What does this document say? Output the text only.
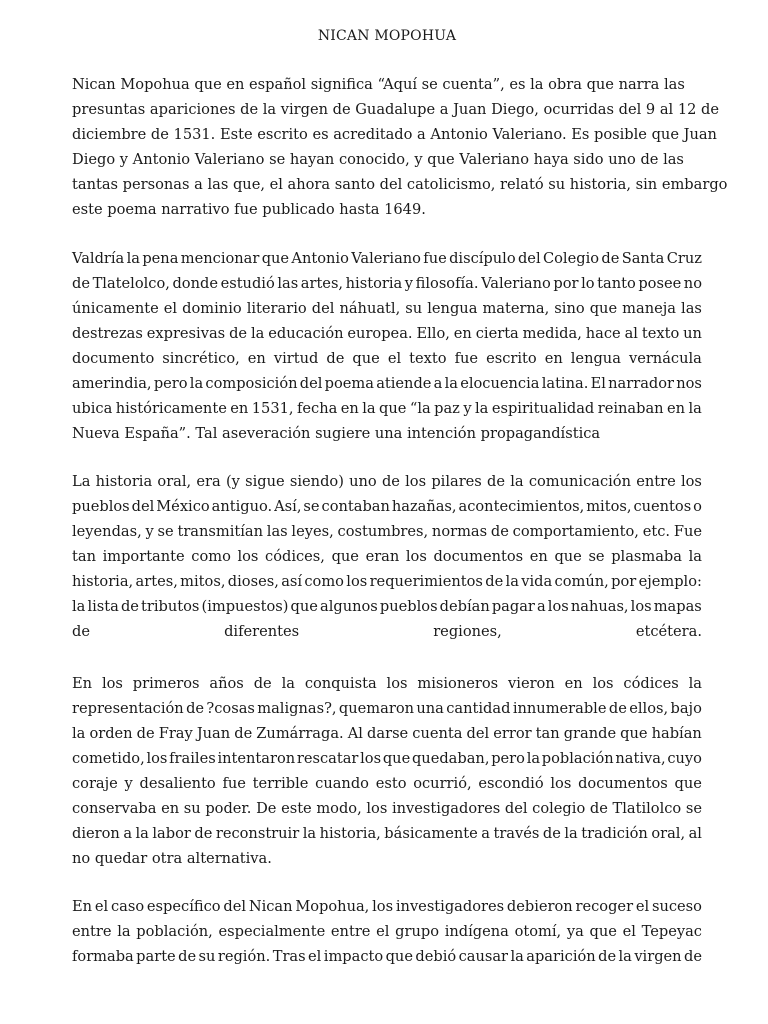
NICAN MOPOHUA
Nican Mopohua que en español significa “Aquí se cuenta”, es la obra que narra las
presuntas apariciones de la virgen de Guadalupe a Juan Diego, ocurridas del 9 al 12 de
diciembre de 1531. Este escrito es acreditado a Antonio Valeriano. Es posible que Juan
Diego y Antonio Valeriano se hayan conocido, y que Valeriano haya sido uno de las
tantas personas a las que, el ahora santo del catolicismo, relató su historia, sin embargo
este poema narrativo fue publicado hasta 1649.
Valdría la pena mencionar que Antonio Valeriano fue discípulo del Colegio de Santa Cruz
de Tlatelolco, donde estudió las artes, historia y filosofía. Valeriano por lo tanto posee no
únicamente el dominio literario del náhuatl, su lengua materna, sino que maneja las
destrezas expresivas de la educación europea. Ello, en cierta medida, hace al texto un
documento sincrético, en virtud de que el texto fue escrito en lengua vernácula
amerindia, pero la composición del poema atiende a la elocuencia latina. El narrador nos
ubica históricamente en 1531, fecha en la que “la paz y la espiritualidad reinaban en la
Nueva España”. Tal aseveración sugiere una intención propagandística
La historia oral, era (y sigue siendo) uno de los pilares de la comunicación entre los
pueblos del México antiguo. Así, se contaban hazañas, acontecimientos, mitos, cuentos o
leyendas, y se transmitían las leyes, costumbres, normas de comportamiento, etc. Fue
tan importante como los códices, que eran los documentos en que se plasmaba la
historia, artes, mitos, dioses, así como los requerimientos de la vida común, por ejemplo:
la lista de tributos (impuestos) que algunos pueblos debían pagar a los nahuas, los mapas
de	diferentes	regiones,	etcétera.
En los primeros años de la conquista los misioneros vieron en los códices la
representación de ?cosas malignas?, quemaron una cantidad innumerable de ellos, bajo
la orden de Fray Juan de Zumárraga. Al darse cuenta del error tan grande que habían
cometido, los frailes intentaron rescatar los que quedaban, pero la población nativa, cuyo
coraje y desaliento fue terrible cuando esto ocurrió, escondió los documentos que
conservaba en su poder. De este modo, los investigadores del colegio de Tlatilolco se
dieron a la labor de reconstruir la historia, básicamente a través de la tradición oral, al
no quedar otra alternativa.
En el caso específico del Nican Mopohua, los investigadores debieron recoger el suceso
entre la población, especialmente entre el grupo indígena otomí, ya que el Tepeyac
formaba parte de su región. Tras el impacto que debió causar la aparición de la virgen de
